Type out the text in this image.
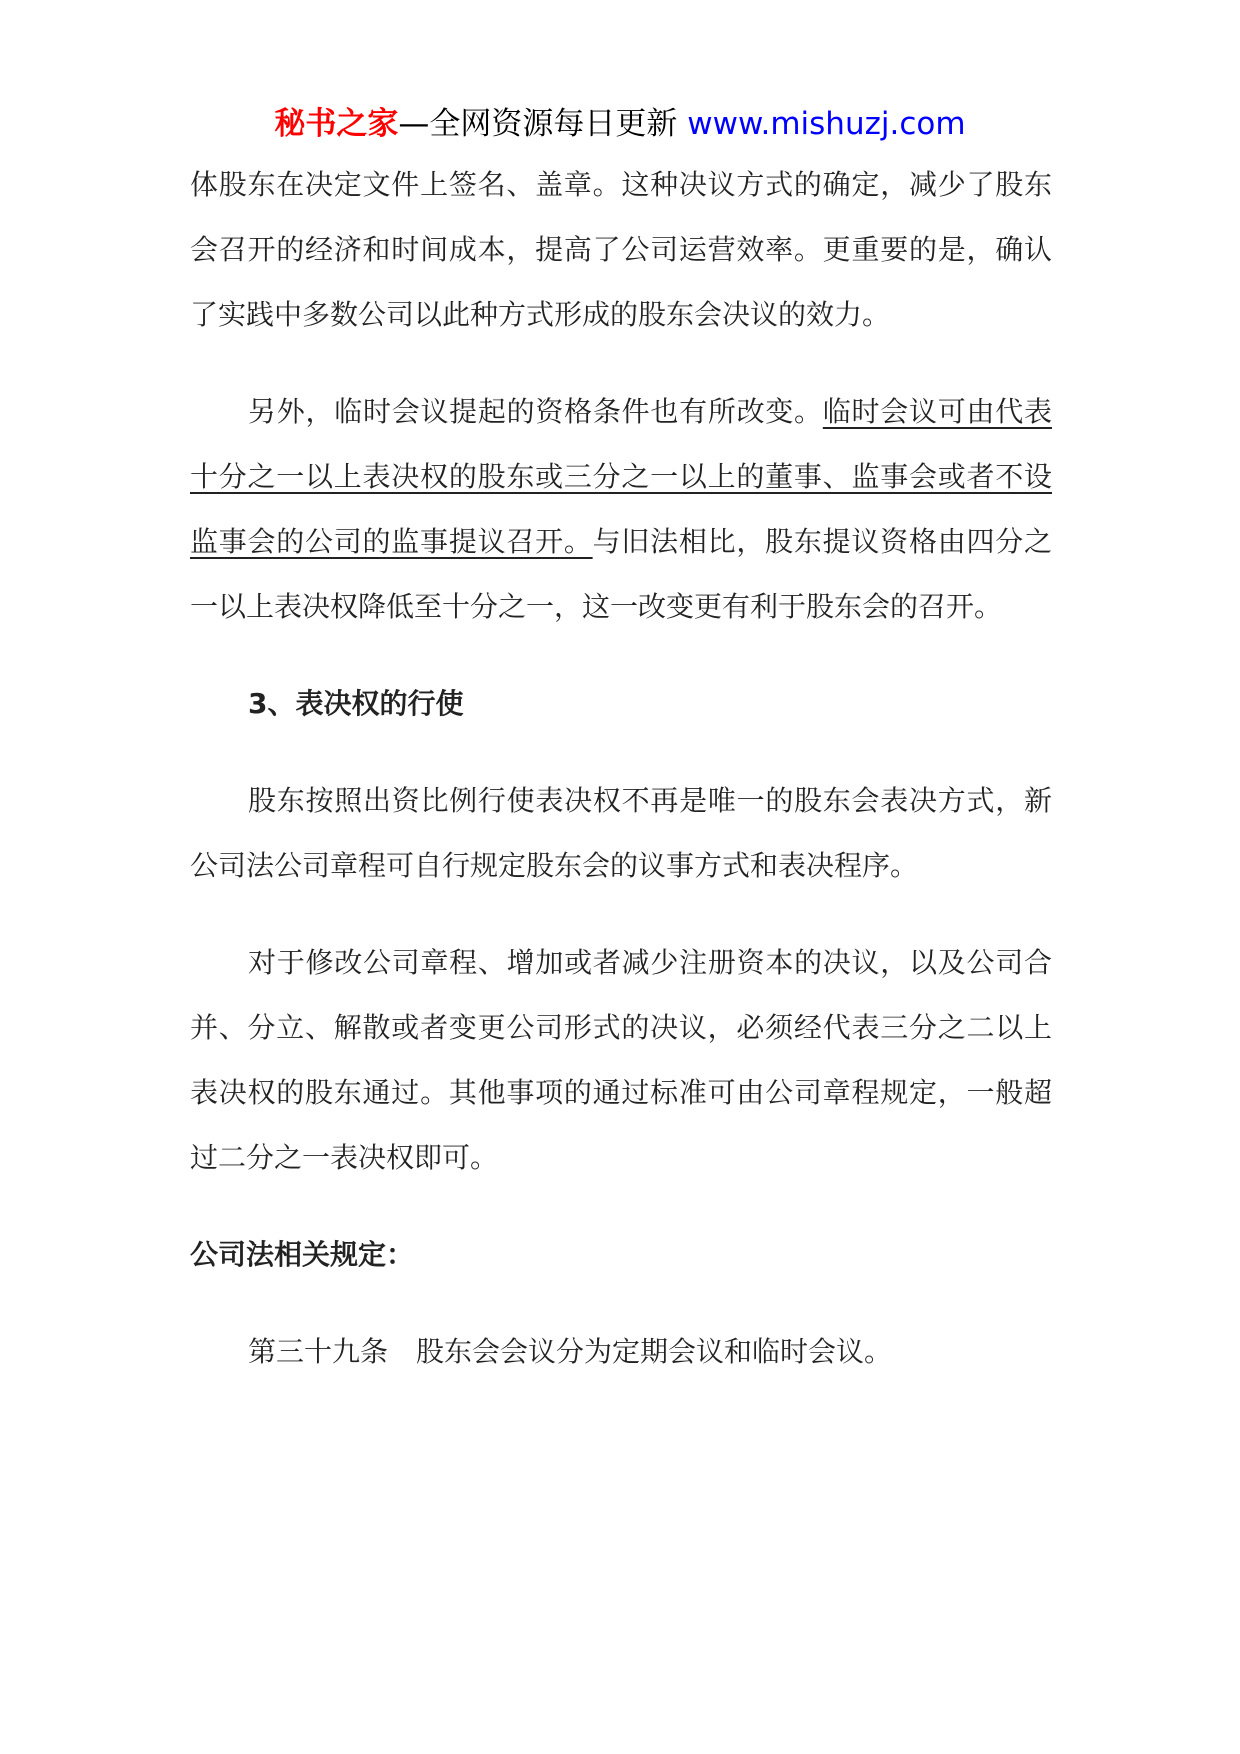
秘书之家—全网资源每日更新 www.mishuzj.com

体股东在决定文件上签名、盖章。这种决议方式的确定，减少了股东会召开的经济和时间成本，提高了公司运营效率。更重要的是，确认了实践中多数公司以此种方式形成的股东会决议的效力。

另外，临时会议提起的资格条件也有所改变。临时会议可由代表十分之一以上表决权的股东或三分之一以上的董事、监事会或者不设监事会的公司的监事提议召开。与旧法相比，股东提议资格由四分之一以上表决权降低至十分之一，这一改变更有利于股东会的召开。

3、表决权的行使

股东按照出资比例行使表决权不再是唯一的股东会表决方式，新公司法公司章程可自行规定股东会的议事方式和表决程序。

对于修改公司章程、增加或者减少注册资本的决议，以及公司合并、分立、解散或者变更公司形式的决议，必须经代表三分之二以上表决权的股东通过。其他事项的通过标准可由公司章程规定，一般超过二分之一表决权即可。

公司法相关规定：

第三十九条　股东会会议分为定期会议和临时会议。
